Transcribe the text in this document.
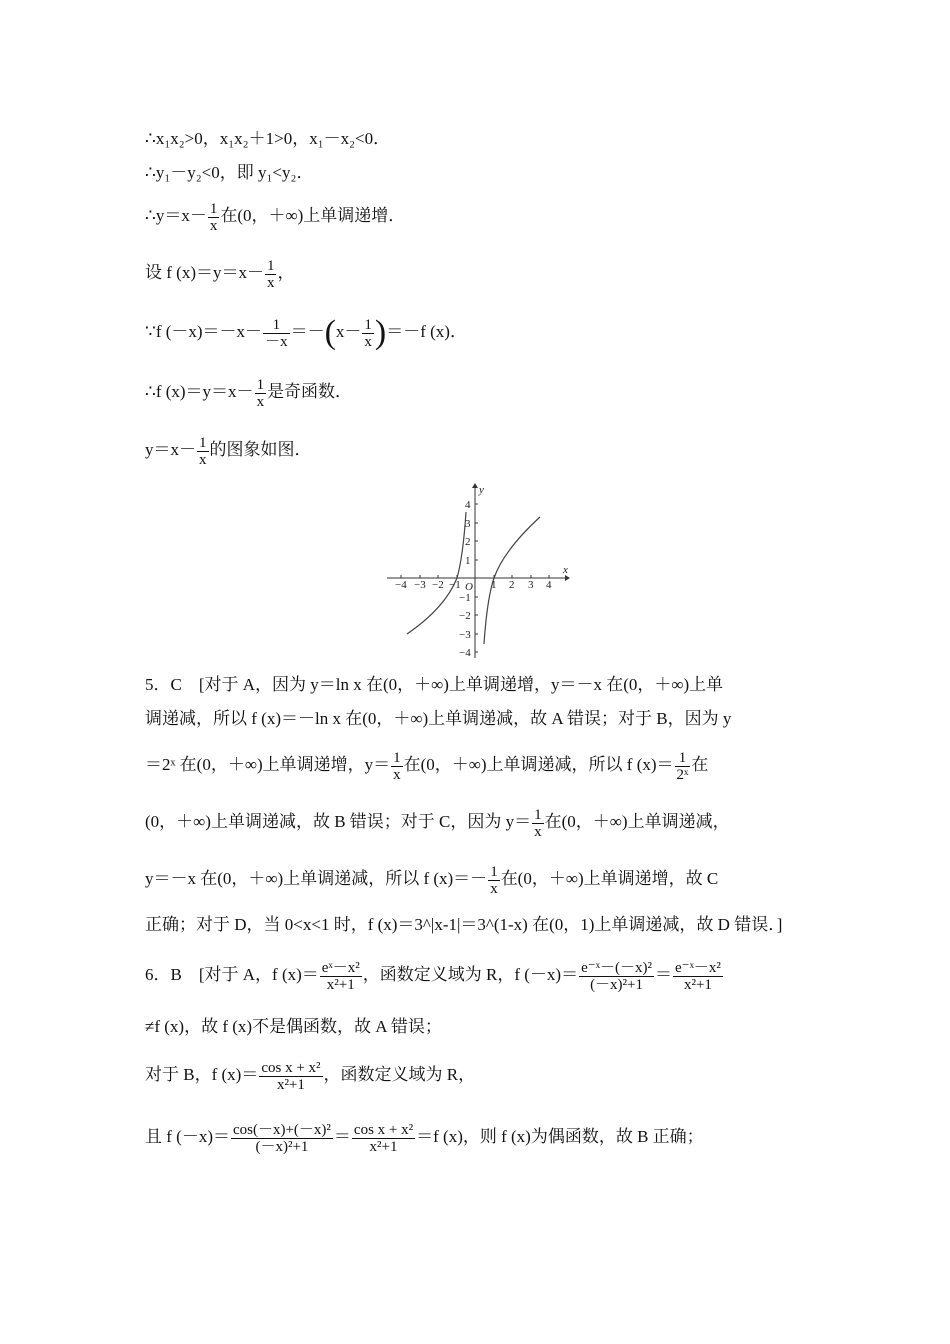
∴x₁x₂>0，x₁x₂＋1>0，x₁－x₂<0．
∴y₁－y₂<0，即 y₁<y₂．
∴y＝x－ $\frac{1}{x}$ 在(0，＋∞)上单调递增．
设 f $(x)=y=x- \frac{1}{x}$ ，
∵f $(-x)=-x- \frac{1}{-x} =-(x- \frac{1}{x} )=-f$ (x)．
∴f $(x)=y=x- \frac{1}{x}$ 是奇函数．
$y=x- \frac{1}{x}$ 的图象如图．
x
y
O
−4 −3 −2 −1	1 2 3 4
4
3
2
1
−1
−2
−3
−4
5．C　[对于 A，因为 y＝ln x 在(0，＋∞)上单调递增，y＝－x 在(0，＋∞)上单
调递减，所以 f (x)＝－ln x 在(0，＋∞)上单调递减，故 A 错误；对于 B，因为 y
＝2ˣ 在(0，＋∞)上单调递增，$y= \frac{1}{x}$ 在(0，＋∞)上单调递减，所以 f $(x)= \frac{1}{\text{2ˣ}}$ 在
(0，＋∞)上单调递减，故 B 错误；对于 C，因为 $y= \frac{1}{x}$ 在(0，＋∞)上单调递减，
y＝－x 在(0，＋∞)上单调递减，所以 f $(x)=- \frac{1}{x}$ 在(0，＋∞)上单调递增，故 C
正确；对于 D，当 0<x<1 时，f (x)＝3^|x-1|＝3^(1-x) 在(0，1)上单调递减，故 D 错误．]
6．B　[对于 A，f $(x)= \frac{\text{eˣ－x²}}{\text{x²+1}}$ ，函数定义域为 R，f $(-x)= \frac{\text{e⁻ˣ－(－x)²}}{\text{(－x)²+1}} = \frac{\text{e⁻ˣ－x²}}{\text{x²+1}}$
≠f (x)，故 f (x)不是偶函数，故 A 错误；
对于 B，f $(x)= \frac{\text{cos x + x²}}{\text{x²+1}}$ ，函数定义域为 R，
且 f $(-x)= \frac{\text{cos(－x)+(－x)²}}{\text{(－x)²+1}} = \frac{\text{cos x + x²}}{\text{x²+1}} =f$ (x)，则 f (x)为偶函数，故 B 正确；
